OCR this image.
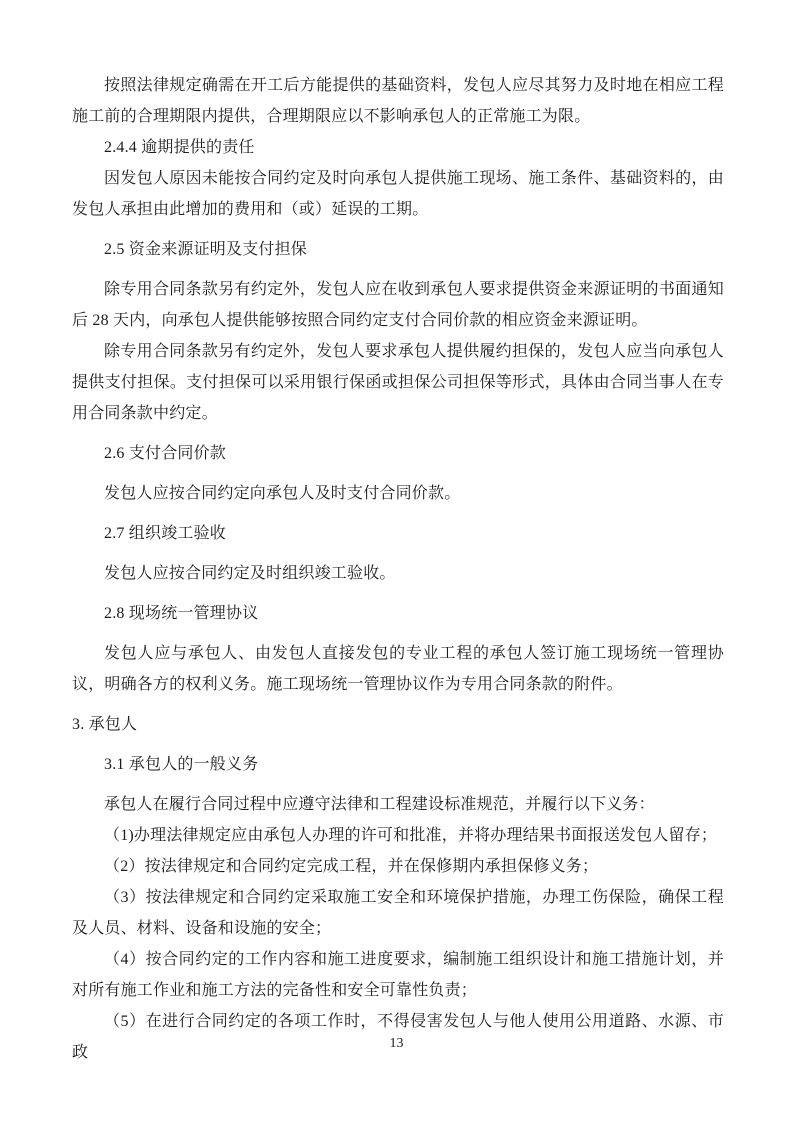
按照法律规定确需在开工后方能提供的基础资料，发包人应尽其努力及时地在相应工程施工前的合理期限内提供，合理期限应以不影响承包人的正常施工为限。

2.4.4 逾期提供的责任

因发包人原因未能按合同约定及时向承包人提供施工现场、施工条件、基础资料的，由发包人承担由此增加的费用和（或）延误的工期。

2.5 资金来源证明及支付担保

除专用合同条款另有约定外，发包人应在收到承包人要求提供资金来源证明的书面通知后 28 天内，向承包人提供能够按照合同约定支付合同价款的相应资金来源证明。

除专用合同条款另有约定外，发包人要求承包人提供履约担保的，发包人应当向承包人提供支付担保。支付担保可以采用银行保函或担保公司担保等形式，具体由合同当事人在专用合同条款中约定。

2.6 支付合同价款

发包人应按合同约定向承包人及时支付合同价款。

2.7 组织竣工验收

发包人应按合同约定及时组织竣工验收。

2.8 现场统一管理协议

发包人应与承包人、由发包人直接发包的专业工程的承包人签订施工现场统一管理协议，明确各方的权利义务。施工现场统一管理协议作为专用合同条款的附件。

3. 承包人

3.1 承包人的一般义务

承包人在履行合同过程中应遵守法律和工程建设标准规范，并履行以下义务：

（1)办理法律规定应由承包人办理的许可和批准，并将办理结果书面报送发包人留存；

（2）按法律规定和合同约定完成工程，并在保修期内承担保修义务；

（3）按法律规定和合同约定采取施工安全和环境保护措施，办理工伤保险，确保工程及人员、材料、设备和设施的安全；

（4）按合同约定的工作内容和施工进度要求，编制施工组织设计和施工措施计划，并对所有施工作业和施工方法的完备性和安全可靠性负责；

（5）在进行合同约定的各项工作时，不得侵害发包人与他人使用公用道路、水源、市政

13
